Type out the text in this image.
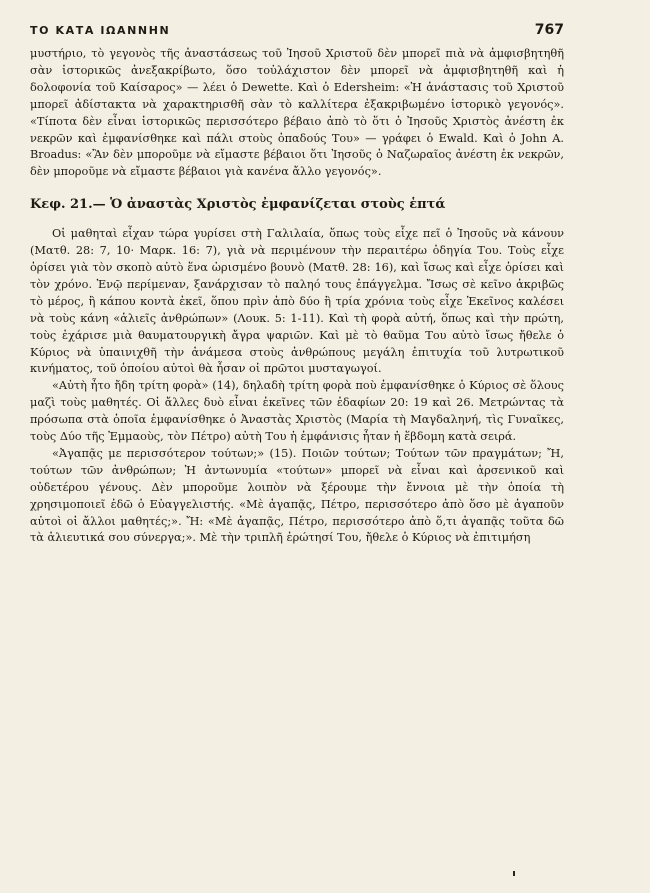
ΤΟ ΚΑΤΑ ΙΩΑΝΝΗΝ	767

μυστήριο, τὸ γεγονὸς τῆς ἀναστάσεως τοῦ Ἰησοῦ Χριστοῦ δὲν μπορεῖ πιὰ νὰ ἀμφισβητηθῆ σὰν ἱστορικῶς ἀνεξακρίβωτο, ὅσο τοὐλάχιστον δὲν μπορεῖ νὰ ἀμφισβητηθῆ καὶ ἡ δολοφονία τοῦ Καίσαρος» — λέει ὁ Dewette. Καὶ ὁ Edersheim: «Ἡ ἀνάστασις τοῦ Χριστοῦ μπορεῖ ἀδίστακτα νὰ χαρακτηρισθῆ σὰν τὸ καλλίτερα ἐξακριβωμένο ἱστορικὸ γεγονός». «Τίποτα δὲν εἶναι ἱστορικῶς περισσότερο βέβαιο ἀπὸ τὸ ὅτι ὁ Ἰησοῦς Χριστὸς ἀνέστη ἐκ νεκρῶν καὶ ἐμφανίσθηκε καὶ πάλι στοὺς ὀπαδούς Του» — γράφει ὁ Ewald. Καὶ ὁ John A. Broadus: «Ἂν δὲν μποροῦμε νὰ εἴμαστε βέβαιοι ὅτι Ἰησοῦς ὁ Ναζωραῖος ἀνέστη ἐκ νεκρῶν, δὲν μποροῦμε νὰ εἴμαστε βέβαιοι γιὰ κανένα ἄλλο γεγονός».

Κεφ. 21.— Ὁ ἀναστὰς Χριστὸς ἐμφανίζεται στοὺς ἑπτά

Οἱ μαθηταὶ εἶχαν τώρα γυρίσει στὴ Γαλιλαία, ὅπως τοὺς εἶχε πεῖ ὁ Ἰησοῦς νὰ κάνουν (Ματθ. 28: 7, 10· Μαρκ. 16: 7), γιὰ νὰ περιμένουν τὴν περαιτέρω ὁδηγία Του. Τοὺς εἶχε ὁρίσει γιὰ τὸν σκοπὸ αὐτὸ ἕνα ὡρισμένο βουνὸ (Ματθ. 28: 16), καὶ ἴσως καὶ εἶχε ὁρίσει καὶ τὸν χρόνο. Ἐνῷ περίμεναν, ξανάρχισαν τὸ παληό τους ἐπάγγελμα. Ἴσως σὲ κεῖνο ἀκριβῶς τὸ μέρος, ἢ κάπου κοντὰ ἐκεῖ, ὅπου πρὶν ἀπὸ δύο ἢ τρία χρόνια τοὺς εἶχε Ἐκεῖνος καλέσει νὰ τοὺς κάνη «ἁλιεῖς ἀνθρώπων» (Λουκ. 5: 1-11). Καὶ τὴ φορὰ αὐτή, ὅπως καὶ τὴν πρώτη, τοὺς ἐχάρισε μιὰ θαυματουργικὴ ἄγρα ψαριῶν. Καὶ μὲ τὸ θαῦμα Του αὐτὸ ἴσως ἤθελε ὁ Κύριος νὰ ὑπαινιχθῆ τὴν ἀνάμεσα στοὺς ἀνθρώπους μεγάλη ἐπιτυχία τοῦ λυτρωτικοῦ κινήματος, τοῦ ὁποίου αὐτοὶ θὰ ἦσαν οἱ πρῶτοι μυσταγωγοί.

«Αὐτὴ ἦτο ἤδη τρίτη φορὰ» (14), δηλαδὴ τρίτη φορὰ ποὺ ἐμφανίσθηκε ὁ Κύριος σὲ ὅλους μαζὶ τοὺς μαθητές. Οἱ ἄλλες δυὸ εἶναι ἐκεῖνες τῶν ἐδαφίων 20: 19 καὶ 26. Μετρώντας τὰ πρόσωπα στὰ ὁποῖα ἐμφανίσθηκε ὁ Ἀναστὰς Χριστὸς (Μαρία τὴ Μαγδαληνή, τὶς Γυναῖκες, τοὺς Δύο τῆς Ἐμμαοὺς, τὸν Πέτρο) αὐτὴ Του ἡ ἐμφάνισις ἦταν ἡ ἕβδομη κατὰ σειρά.

«Ἀγαπᾷς με περισσότερον τούτων;» (15). Ποιῶν τούτων; Τούτων τῶν πραγμάτων; Ἤ, τούτων τῶν ἀνθρώπων; Ἡ ἀντωνυμία «τούτων» μπορεῖ νὰ εἶναι καὶ ἀρσενικοῦ καὶ οὐδετέρου γένους. Δὲν μποροῦμε λοιπὸν νὰ ξέρουμε τὴν ἔννοια μὲ τὴν ὁποία τὴ χρησιμοποιεῖ ἐδῶ ὁ Εὐαγγελιστής. «Μὲ ἀγαπᾷς, Πέτρο, περισσότερο ἀπὸ ὅσο μὲ ἀγαποῦν αὐτοὶ οἱ ἄλλοι μαθητές;». Ἤ: «Μὲ ἀγαπᾷς, Πέτρο, περισσότερο ἀπὸ ὅ,τι ἀγαπᾷς τοῦτα δῶ τὰ ἁλιευτικά σου σύνεργα;». Μὲ τὴν τριπλῆ ἐρώτησί Του, ἤθελε ὁ Κύριος νὰ ἐπιτιμήση
